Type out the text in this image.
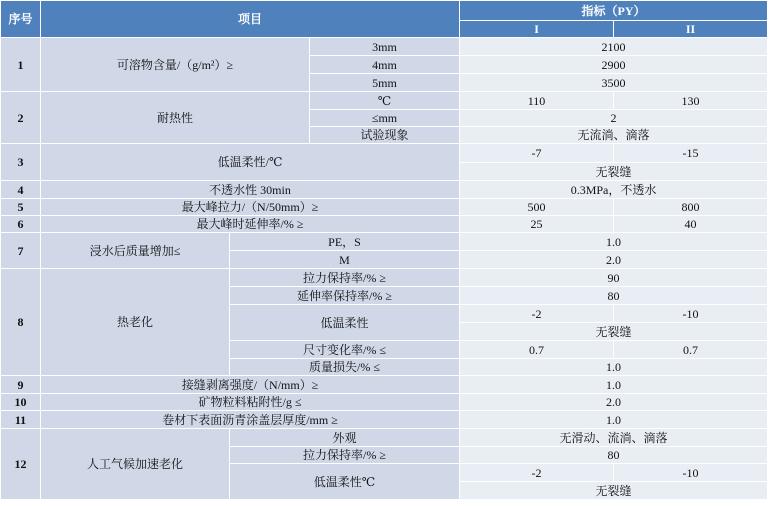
序号	项目			指标（PY）	
				I	II
1	可溶物含量/（g/m²）≥		3mm	2100	
			4mm	2900	
			5mm	3500	
2	耐热性		℃	110	130
			≤mm	2	
			试验现象	无流淌、滴落	
3	低温柔性/℃			-7	-15
				无裂缝	
4	不透水性 30min			0.3MPa，不透水	
5	最大峰拉力/（N/50mm）≥			500	800
6	最大峰时延伸率/% ≥			25	40
7	浸水后质量增加≤	PE，S		1.0	
		M		2.0	
8	热老化	拉力保持率/% ≥		90	
		延伸率保持率/% ≥		80	
		低温柔性		-2	-10
				无裂缝	
		尺寸变化率/% ≤		0.7	0.7
		质量损失/% ≤		1.0	
9	接缝剥离强度/（N/mm）≥			1.0	
10	矿物粒料粘附性/g ≤			2.0	
11	卷材下表面沥青涂盖层厚度/mm ≥			1.0	
12	人工气候加速老化	外观		无滑动、流淌、滴落	
		拉力保持率/% ≥		80	
		低温柔性℃		-2	-10
				无裂缝	
